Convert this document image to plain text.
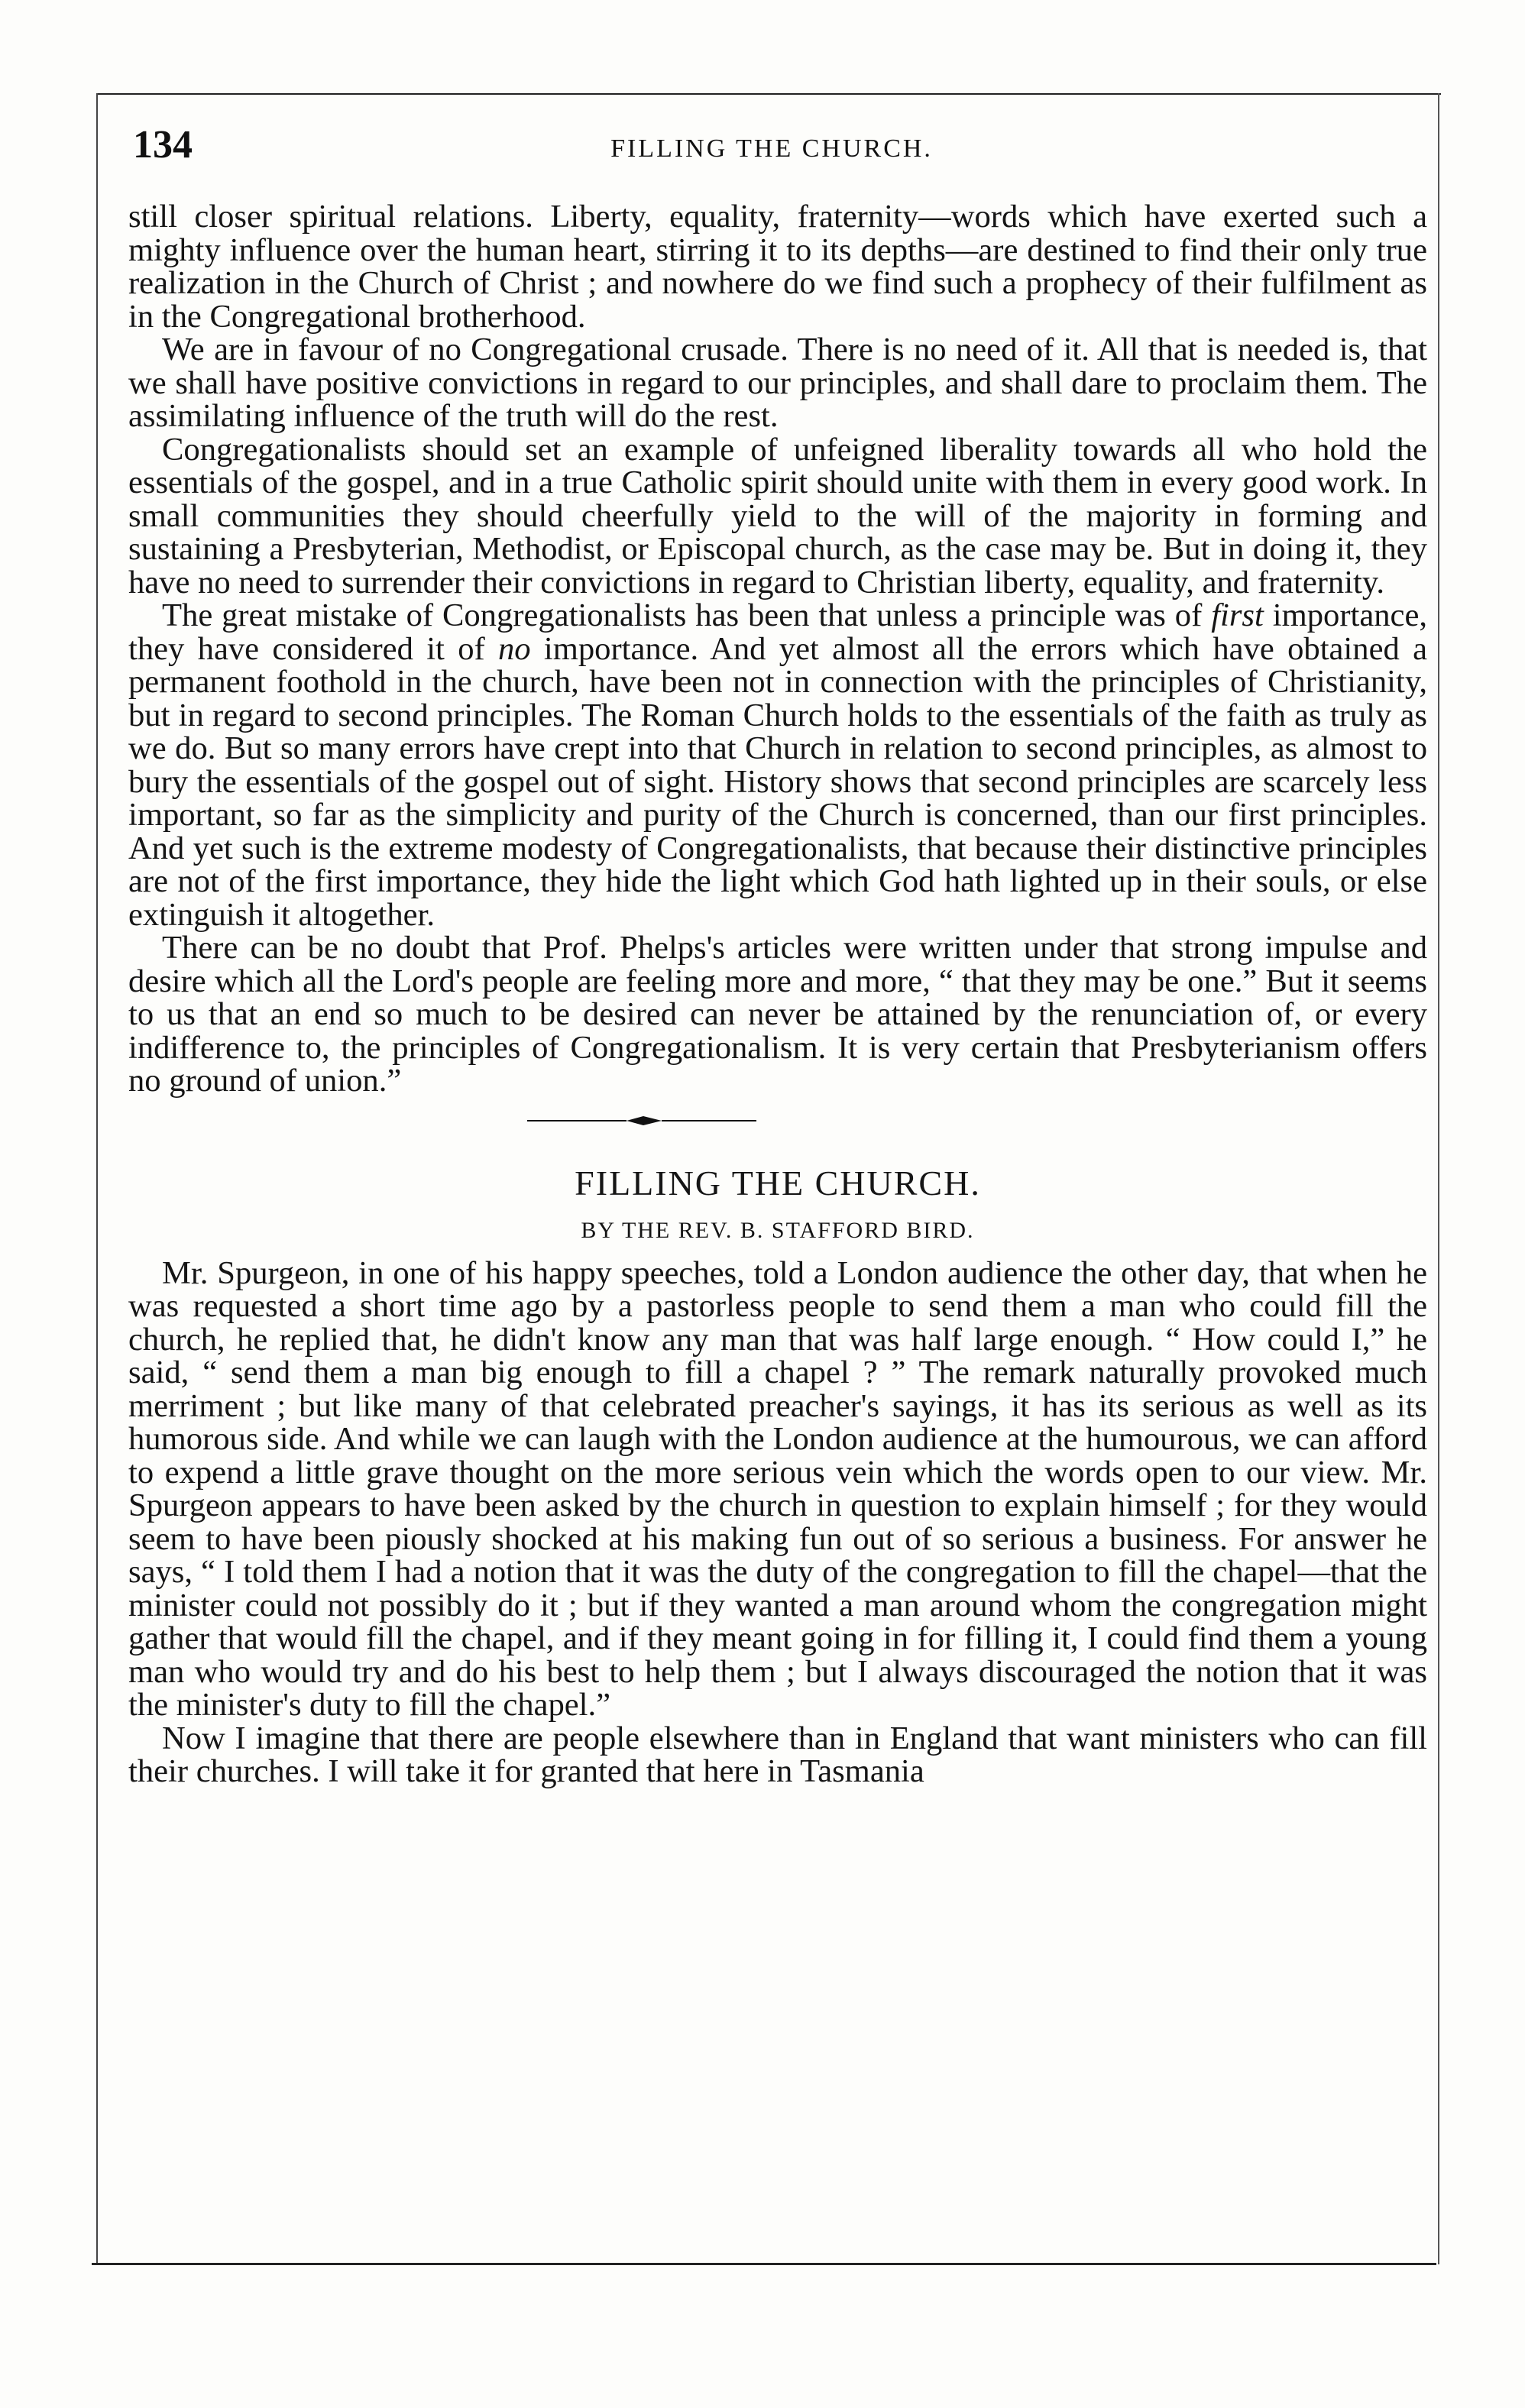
134	FILLING THE CHURCH.

still closer spiritual relations. Liberty, equality, fraternity—words which have exerted such a mighty influence over the human heart, stirring it to its depths—are destined to find their only true realization in the Church of Christ ; and nowhere do we find such a prophecy of their fulfilment as in the Congregational brotherhood.

We are in favour of no Congregational crusade. There is no need of it. All that is needed is, that we shall have positive convictions in regard to our principles, and shall dare to proclaim them. The assimilating influence of the truth will do the rest.

Congregationalists should set an example of unfeigned liberality towards all who hold the essentials of the gospel, and in a true Catholic spirit should unite with them in every good work. In small communities they should cheerfully yield to the will of the majority in forming and sustaining a Presbyterian, Methodist, or Episcopal church, as the case may be. But in doing it, they have no need to surrender their convictions in regard to Christian liberty, equality, and fraternity.

The great mistake of Congregationalists has been that unless a principle was of first importance, they have considered it of no importance. And yet almost all the errors which have obtained a permanent foothold in the church, have been not in connection with the principles of Christianity, but in regard to second principles. The Roman Church holds to the essentials of the faith as truly as we do. But so many errors have crept into that Church in relation to second principles, as almost to bury the essentials of the gospel out of sight. History shows that second principles are scarcely less important, so far as the simplicity and purity of the Church is concerned, than our first principles. And yet such is the extreme modesty of Congregationalists, that because their distinctive principles are not of the first importance, they hide the light which God hath lighted up in their souls, or else extinguish it altogether.

There can be no doubt that Prof. Phelps's articles were written under that strong impulse and desire which all the Lord's people are feeling more and more, “ that they may be one.” But it seems to us that an end so much to be desired can never be attained by the renunciation of, or every indifference to, the principles of Congregationalism. It is very certain that Presbyterianism offers no ground of union.”

FILLING THE CHURCH.
BY THE REV. B. STAFFORD BIRD.

Mr. Spurgeon, in one of his happy speeches, told a London audience the other day, that when he was requested a short time ago by a pastorless people to send them a man who could fill the church, he replied that, he didn't know any man that was half large enough. “ How could I,” he said, “ send them a man big enough to fill a chapel ? ” The remark naturally provoked much merriment ; but like many of that celebrated preacher's sayings, it has its serious as well as its humorous side. And while we can laugh with the London audience at the humourous, we can afford to expend a little grave thought on the more serious vein which the words open to our view. Mr. Spurgeon appears to have been asked by the church in question to explain himself ; for they would seem to have been piously shocked at his making fun out of so serious a business. For answer he says, “ I told them I had a notion that it was the duty of the congregation to fill the chapel—that the minister could not possibly do it ; but if they wanted a man around whom the congregation might gather that would fill the chapel, and if they meant going in for filling it, I could find them a young man who would try and do his best to help them ; but I always discouraged the notion that it was the minister's duty to fill the chapel.”

Now I imagine that there are people elsewhere than in England that want ministers who can fill their churches. I will take it for granted that here in Tasmania
